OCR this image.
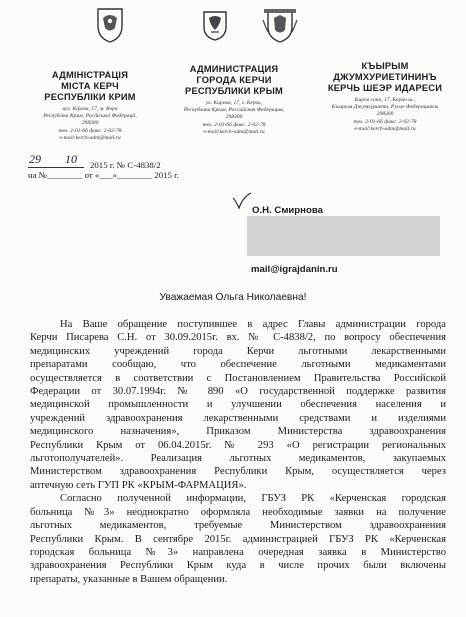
АДМІНІСТРАЦІЯ
МІСТА КЕРЧ
РЕСПУБЛІКИ КРИМ
вул. Кірова, 17, м. Керч
Республіка Крим, Російської Федерації,
298300
тел. 2-01-66 факс. 2-02-78
e-mail:kerch-adm@mail.ru
АДМИНИСТРАЦИЯ
ГОРОДА КЕРЧИ
РЕСПУБЛИКИ КРЫМ
ул. Кирова, 17, г. Керчь,
Республика Крым, Российская Федерация,
298300
тел. 2-01-66 факс. 2-02-78
e-mail:kerch-adm@mail.ru
КЪЫРЫМ
ДЖУМХУРИЕТИНИНЪ
КЕРЧЬ ШЕЭР ИДАРЕСИ
Киров сокъ, 17, Керич ш.,
Къырым Джумхуриети, Русие Федерациясы
298300
тел. 2-01-66 факс. 2-02-78
e-mail:kerch-adm@mail.ru
2015 г. № С-4838/2
29 10
на №________ от «___»________ 2015 г.
О.Н. Смирнова
mail@igrajdanin.ru
Уважаемая Ольга Николаевна!
На Ваше обращение поступившее в адрес Главы администрации города
Керчи Писарева С.Н. от 30.09.2015г. вх. № С-4838/2, по вопросу обеспечения
медицинских учреждений города Керчи льготными лекарственными
препаратами сообщаю, что обеспечение льготными медикаментами
осуществляется в соответствии с Постановлением Правительства Российской
Федерации от 30.07.1994г. № 890 «О государственной поддержке развития
медицинской промышленности и улучшении обеспечения населения и
учреждений здравоохранения лекарственными средствами и изделиями
медицинского назначения», Приказом Министерства здравоохранения
Республики Крым от 06.04.2015г. № 293 «О регистрации региональных
льготополучателей». Реализация льготных медикаментов, закупаемых
Министерством здравоохранения Республики Крым, осуществляется через
аптечную сеть ГУП РК «КРЫМ-ФАРМАЦИЯ».
Согласно полученной информации, ГБУЗ РК «Керченская городская
больница №3» неоднократно оформляла необходимые заявки на получение
льготных медикаментов, требуемые Министерством здравоохранения
Республики Крым. В сентябре 2015г. администрацией ГБУЗ РК «Керченская
городская больница №3» направлена очередная заявка в Министерство
здравоохранения Республики Крым куда в числе прочих были включены
препараты, указанные в Вашем обращении.
